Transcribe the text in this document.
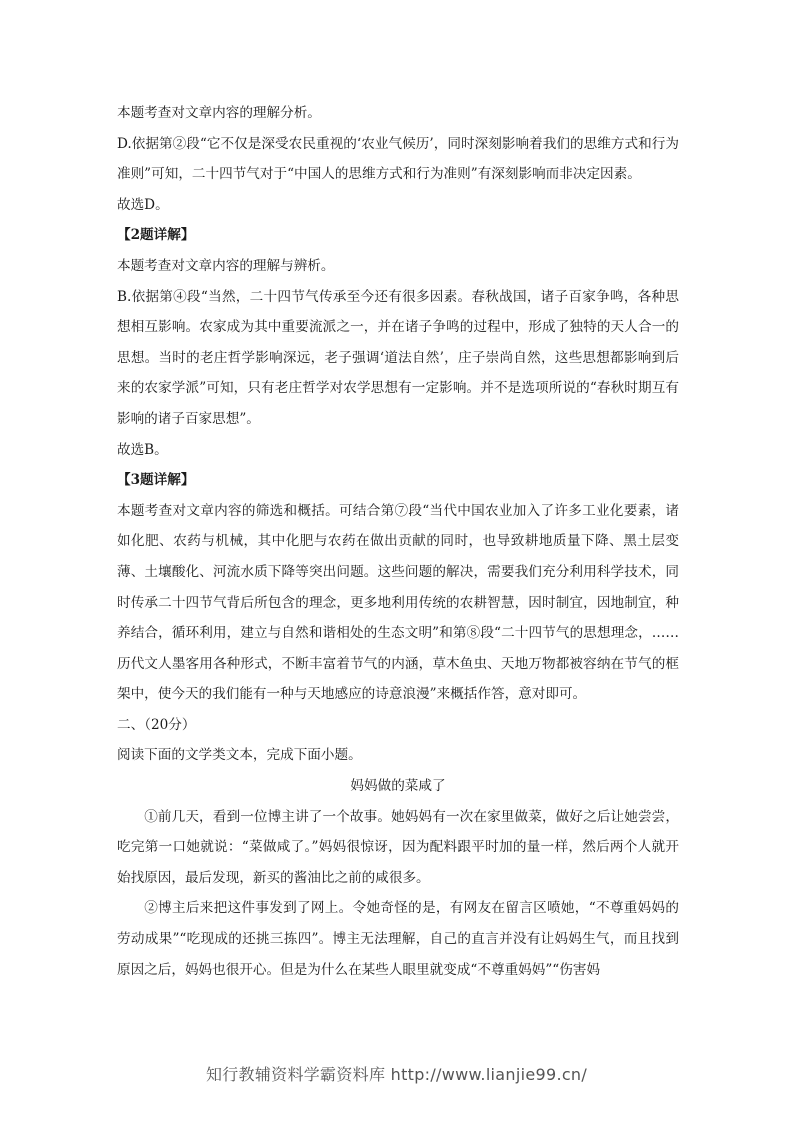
本题考查对文章内容的理解分析。

D.依据第②段“它不仅是深受农民重视的‘农业气候历’，同时深刻影响着我们的思维方式和行为准则”可知，二十四节气对于“中国人的思维方式和行为准则”有深刻影响而非决定因素。

故选D。

【2题详解】

本题考查对文章内容的理解与辨析。

B.依据第④段“当然，二十四节气传承至今还有很多因素。春秋战国，诸子百家争鸣，各种思想相互影响。农家成为其中重要流派之一，并在诸子争鸣的过程中，形成了独特的天人合一的思想。当时的老庄哲学影响深远，老子强调‘道法自然’，庄子崇尚自然，这些思想都影响到后来的农家学派”可知，只有老庄哲学对农学思想有一定影响。并不是选项所说的“春秋时期互有影响的诸子百家思想”。

故选B。

【3题详解】

本题考查对文章内容的筛选和概括。可结合第⑦段“当代中国农业加入了许多工业化要素，诸如化肥、农药与机械，其中化肥与农药在做出贡献的同时，也导致耕地质量下降、黑土层变薄、土壤酸化、河流水质下降等突出问题。这些问题的解决，需要我们充分利用科学技术，同时传承二十四节气背后所包含的理念，更多地利用传统的农耕智慧，因时制宜，因地制宜，种养结合，循环利用，建立与自然和谐相处的生态文明”和第⑧段“二十四节气的思想理念，……历代文人墨客用各种形式，不断丰富着节气的内涵，草木鱼虫、天地万物都被容纳在节气的框架中，使今天的我们能有一种与天地感应的诗意浪漫”来概括作答，意对即可。

二、（20分）

阅读下面的文学类文本，完成下面小题。

妈妈做的菜咸了

①前几天，看到一位博主讲了一个故事。她妈妈有一次在家里做菜，做好之后让她尝尝，吃完第一口她就说：“菜做咸了。”妈妈很惊讶，因为配料跟平时加的量一样，然后两个人就开始找原因，最后发现，新买的酱油比之前的咸很多。

②博主后来把这件事发到了网上。令她奇怪的是，有网友在留言区喷她，“不尊重妈妈的劳动成果”“吃现成的还挑三拣四”。博主无法理解，自己的直言并没有让妈妈生气，而且找到原因之后，妈妈也很开心。但是为什么在某些人眼里就变成“不尊重妈妈”“伤害妈

知行教辅资料学霸资料库 http://www.lianjie99.cn/
